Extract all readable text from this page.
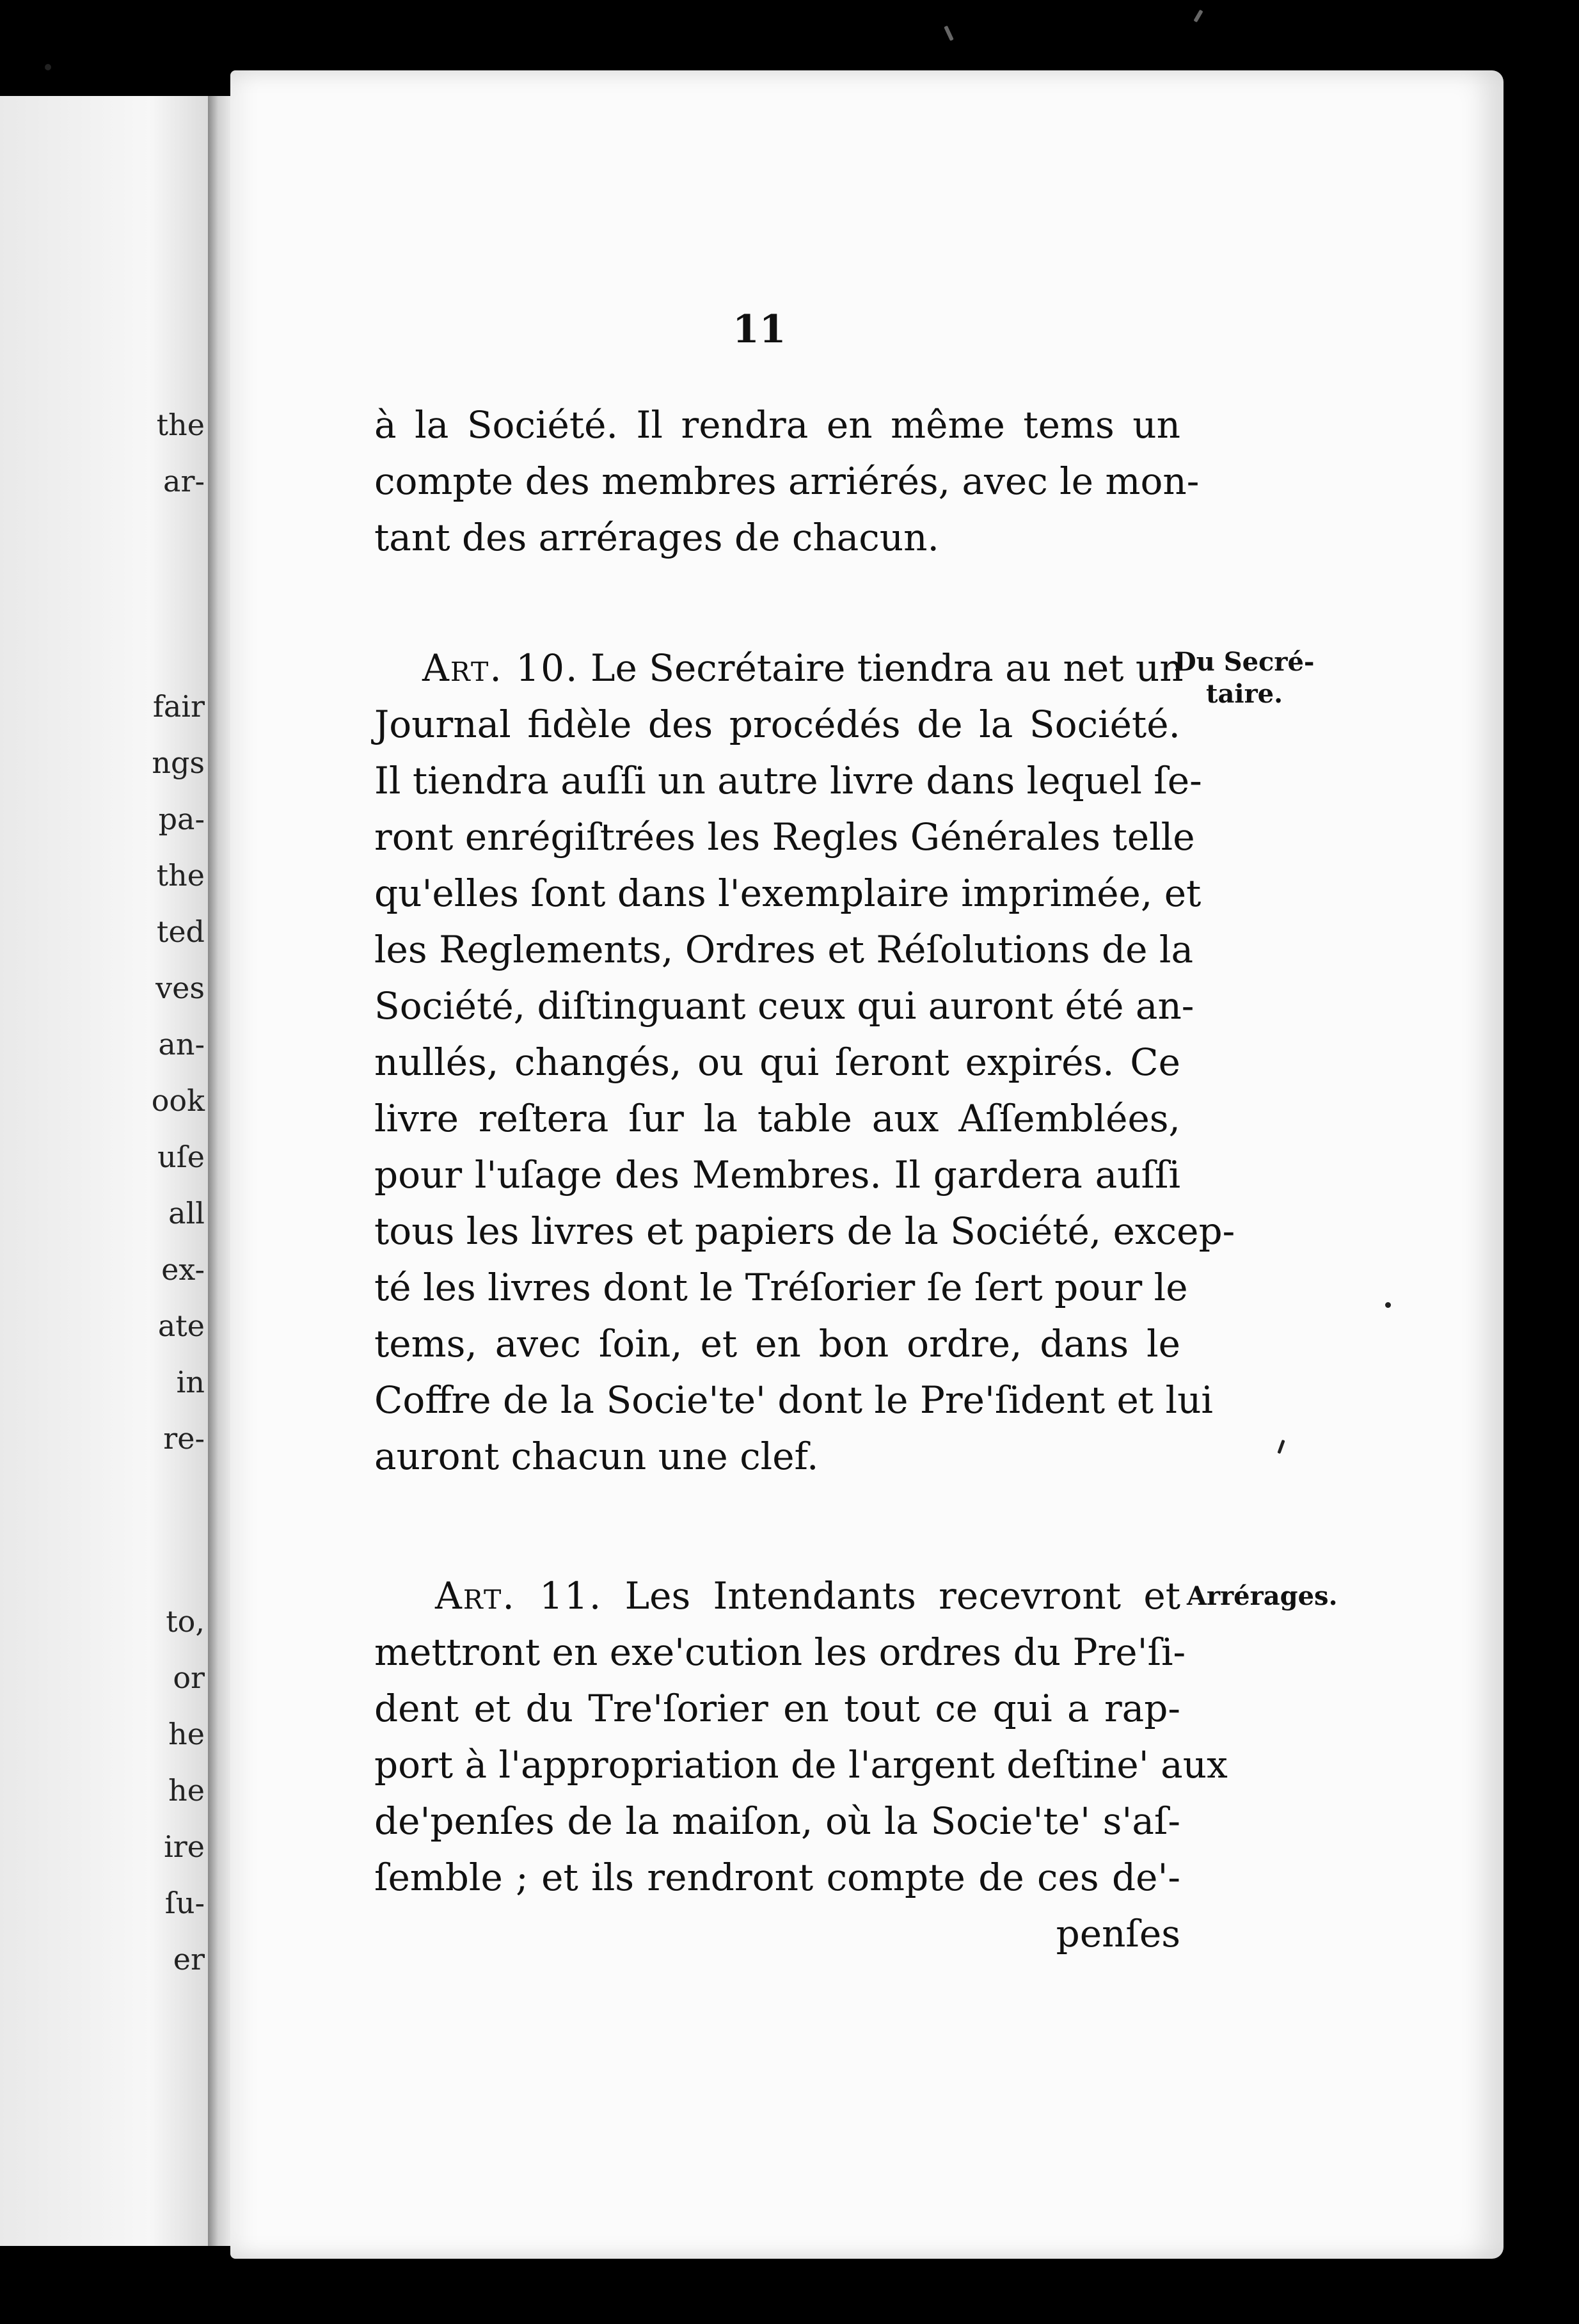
the
ar-
fair
ngs
pa-
the
ted
ves
an-
ook
uſe
all
ex-
ate
in
re-
to,
or
he
he
ire
ſu-
er
11
à la Société. Il rendra en même tems un
compte des membres arriérés, avec le mon-
tant des arrérages de chacun.
Art. 10. Le Secrétaire tiendra au net un
Journal fidèle des procédés de la Société.
Il tiendra auſſi un autre livre dans lequel ſe-
ront enrégiſtrées les Regles Générales telle
qu'elles ſont dans l'exemplaire imprimée, et
les Reglements, Ordres et Réſolutions de la
Société, diſtinguant ceux qui auront été an-
nullés, changés, ou qui ſeront expirés. Ce
livre reſtera ſur la table aux Aſſemblées,
pour l'uſage des Membres. Il gardera auſſi
tous les livres et papiers de la Société, excep-
té les livres dont le Tréſorier ſe ſert pour le
tems, avec ſoin, et en bon ordre, dans le
Coffre de la Socie'te' dont le Pre'ſident et lui
auront chacun une clef.
Du Secré-
taire.
Art. 11. Les Intendants recevront et
mettront en exe'cution les ordres du Pre'ſi-
dent et du Tre'ſorier en tout ce qui a rap-
port à l'appropriation de l'argent deſtine' aux
de'penſes de la maiſon, où la Socie'te' s'aſ-
ſemble ; et ils rendront compte de ces de'-
penſes
Arrérages.
